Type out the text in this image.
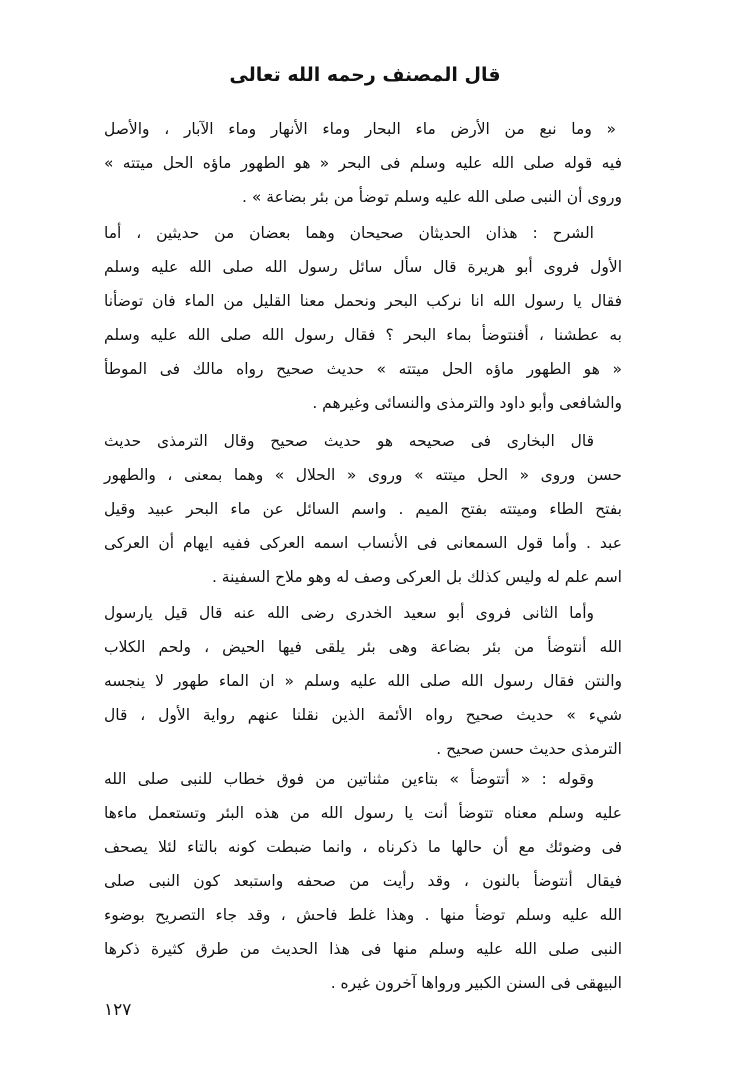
قال المصنف رحمه الله تعالى
« وما نبع من الأرض ماء البحار وماء الأنهار وماء الآبار ، والأصل
فيه قوله صلى الله عليه وسلم فى البحر « هو الطهور ماؤه الحل ميتته »
وروى أن النبى صلى الله عليه وسلم توضأ من بئر بضاعة » .
الشرح : هذان الحديثان صحيحان وهما بعضان من حديثين ، أما
الأول فروى أبو هريرة قال سأل سائل رسول الله صلى الله عليه وسلم
فقال يا رسول الله انا نركب البحر ونحمل معنا القليل من الماء فان توضأنا
به عطشنا ، أفنتوضأ بماء البحر ؟ فقال رسول الله صلى الله عليه وسلم
« هو الطهور ماؤه الحل ميتته » حديث صحيح رواه مالك فى الموطأ
والشافعى وأبو داود والترمذى والنسائى وغيرهم .
قال البخارى فى صحيحه هو حديث صحيح وقال الترمذى حديث
حسن وروى « الحل ميتته » وروى « الحلال » وهما بمعنى ، والطهور
بفتح الطاء وميتته بفتح الميم . واسم السائل عن ماء البحر عبيد وقيل
عبد . وأما قول السمعانى فى الأنساب اسمه العركى ففيه ايهام أن العركى
اسم علم له وليس كذلك بل العركى وصف له وهو ملاح السفينة .
وأما الثانى فروى أبو سعيد الخدرى رضى الله عنه قال قيل يارسول
الله أنتوضأ من بئر بضاعة وهى بئر يلقى فيها الحيض ، ولحم الكلاب
والنتن فقال رسول الله صلى الله عليه وسلم « ان الماء طهور لا ينجسه
شيء » حديث صحيح رواه الأئمة الذين نقلنا عنهم رواية الأول ، قال
الترمذى حديث حسن صحيح .
وقوله : « أتتوضأ » بتاءين مثناتين من فوق خطاب للنبى صلى الله
عليه وسلم معناه تتوضأ أنت يا رسول الله من هذه البئر وتستعمل ماءها
فى وضوئك مع أن حالها ما ذكرناه ، وانما ضبطت كونه بالتاء لئلا يصحف
فيقال أنتوضأ بالنون ، وقد رأيت من صحفه واستبعد كون النبى صلى
الله عليه وسلم توضأ منها . وهذا غلط فاحش ، وقد جاء التصريح بوضوء
النبى صلى الله عليه وسلم منها فى هذا الحديث من طرق كثيرة ذكرها
البيهقى فى السنن الكبير ورواها آخرون غيره .
١٢٧
